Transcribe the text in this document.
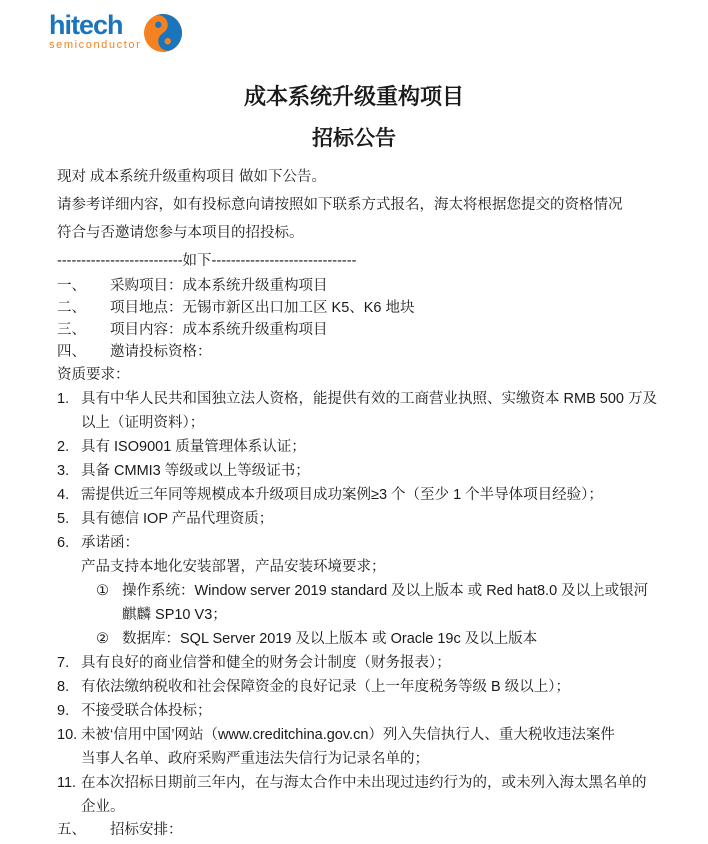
hitech
semiconductor
成本系统升级重构项目
招标公告
现对 成本系统升级重构项目 做如下公告。
请参考详细内容，如有投标意向请按照如下联系方式报名，海太将根据您提交的资格情况
符合与否邀请您参与本项目的招投标。
--------------------------如下------------------------------
一、	采购项目：成本系统升级重构项目
二、	项目地点：无锡市新区出口加工区 K5、K6 地块
三、	项目内容：成本系统升级重构项目
四、	邀请投标资格：
资质要求：
1. 具有中华人民共和国独立法人资格，能提供有效的工商营业执照、实缴资本 RMB 500 万及
以上（证明资料）；
2. 具有 ISO9001 质量管理体系认证；
3. 具备 CMMI3 等级或以上等级证书；
4. 需提供近三年同等规模成本升级项目成功案例≥3 个（至少 1 个半导体项目经验）；
5. 具有德信 IOP 产品代理资质；
6. 承诺函：
产品支持本地化安装部署，产品安装环境要求；
① 操作系统：Window server 2019 standard 及以上版本 或 Red hat8.0 及以上或银河
麒麟 SP10 V3；
② 数据库：SQL Server 2019 及以上版本 或 Oracle 19c 及以上版本
7. 具有良好的商业信誉和健全的财务会计制度（财务报表）；
8. 有依法缴纳税收和社会保障资金的良好记录（上一年度税务等级 B 级以上）；
9. 不接受联合体投标；
10. 未被‘信用中国’网站（www.creditchina.gov.cn）列入失信执行人、重大税收违法案件
当事人名单、政府采购严重违法失信行为记录名单的；
11. 在本次招标日期前三年内，在与海太合作中未出现过违约行为的，或未列入海太黑名单的
企业。
五、	招标安排：
